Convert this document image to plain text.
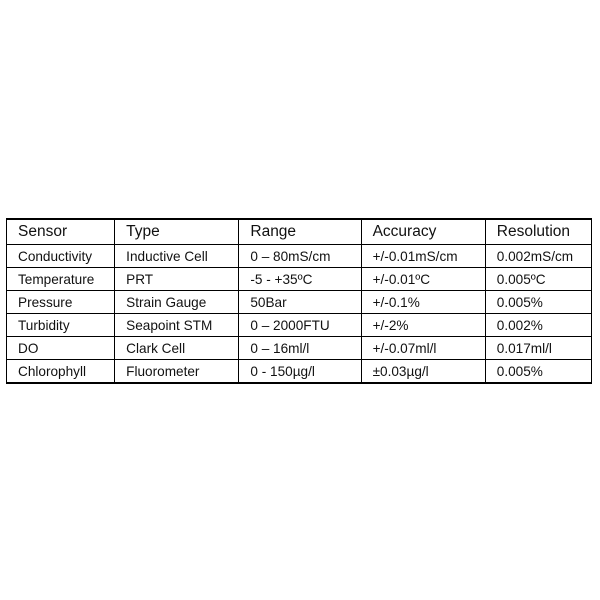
Sensor	Type	Range	Accuracy	Resolution
Conductivity	Inductive Cell	0 – 80mS/cm	+/-0.01mS/cm	0.002mS/cm
Temperature	PRT	-5 - +35ºC	+/-0.01ºC	0.005ºC
Pressure	Strain Gauge	50Bar	+/-0.1%	0.005%
Turbidity	Seapoint STM	0 – 2000FTU	+/-2%	0.002%
DO	Clark Cell	0 – 16ml/l	+/-0.07ml/l	0.017ml/l
Chlorophyll	Fluorometer	0 - 150µg/l	±0.03µg/l	0.005%
